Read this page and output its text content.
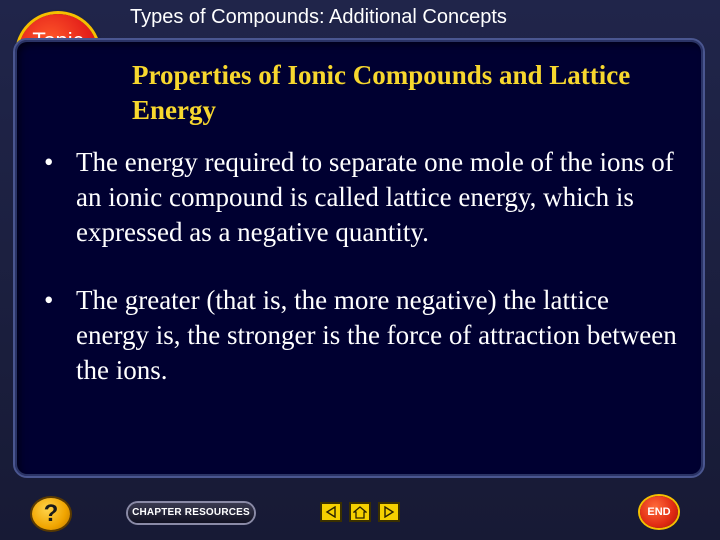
Types of Compounds: Additional Concepts
Properties of Ionic Compounds and Lattice Energy
• The energy required to separate one mole of the ions of an ionic compound is called lattice energy, which is expressed as a negative quantity.
• The greater (that is, the more negative) the lattice energy is, the stronger is the force of attraction between the ions.
?	CHAPTER RESOURCES	END
